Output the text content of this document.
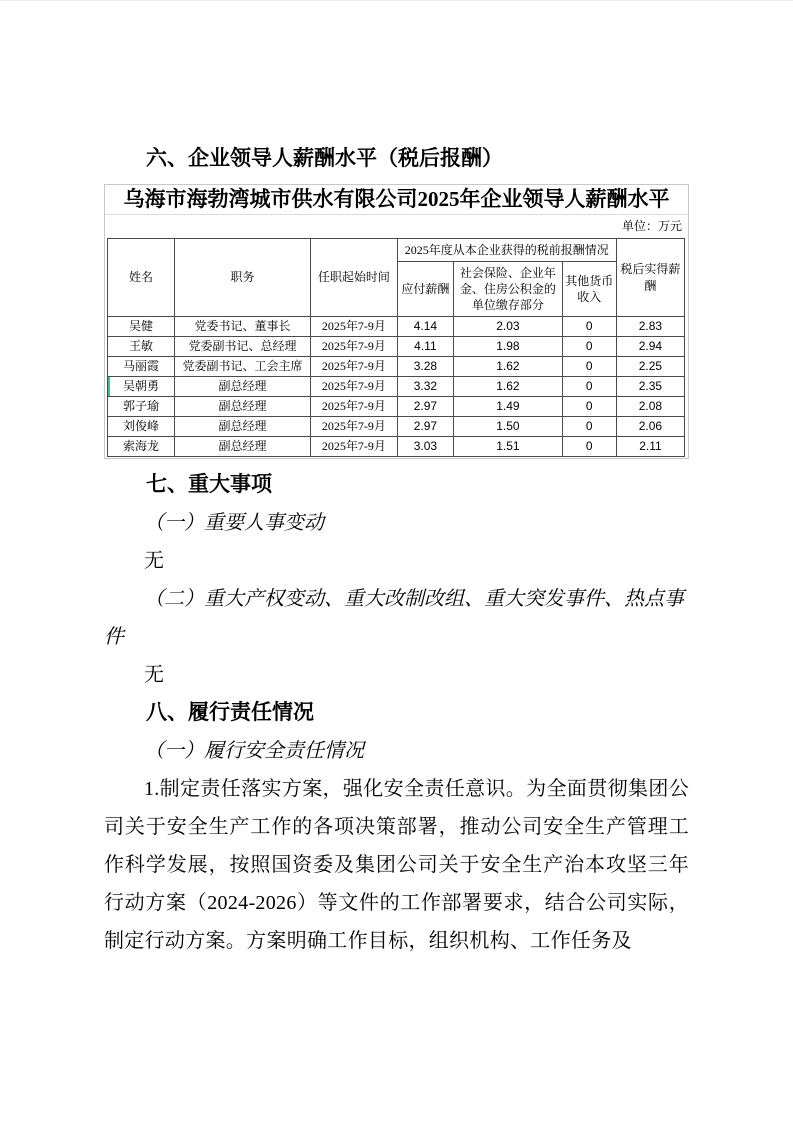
六、企业领导人薪酬水平（税后报酬）
乌海市海勃湾城市供水有限公司2025年企业领导人薪酬水平
单位：万元
姓名	职务	任职起始时间	2025年度从本企业获得的税前报酬情况			税后实得薪酬
			应付薪酬	社会保险、企业年金、住房公积金的单位缴存部分	其他货币收入	
吴健	党委书记、董事长	2025年7-9月	4.14	2.03	0	2.83
王敏	党委副书记、总经理	2025年7-9月	4.11	1.98	0	2.94
马丽霞	党委副书记、工会主席	2025年7-9月	3.28	1.62	0	2.25
吴朝勇	副总经理	2025年7-9月	3.32	1.62	0	2.35
郭子瑜	副总经理	2025年7-9月	2.97	1.49	0	2.08
刘俊峰	副总经理	2025年7-9月	2.97	1.50	0	2.06
索海龙	副总经理	2025年7-9月	3.03	1.51	0	2.11
七、重大事项

（一）重要人事变动

无

（二）重大产权变动、重大改制改组、重大突发事件、热点事件

无

八、履行责任情况

（一）履行安全责任情况

1.制定责任落实方案，强化安全责任意识。为全面贯彻集团公司关于安全生产工作的各项决策部署，推动公司安全生产管理工作科学发展，按照国资委及集团公司关于安全生产治本攻坚三年行动方案（2024-2026）等文件的工作部署要求，结合公司实际，制定行动方案。方案明确工作目标，组织机构、工作任务及
